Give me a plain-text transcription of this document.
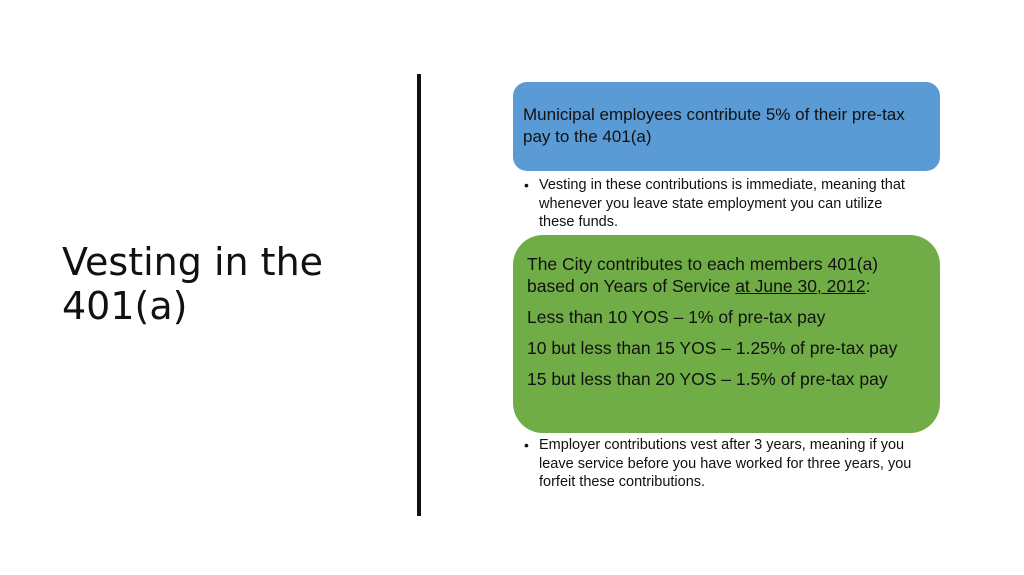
Vesting in the 401(a)
Municipal employees contribute 5% of their pre-tax pay to the 401(a)
• Vesting in these contributions is immediate, meaning that whenever you leave state employment you can utilize these funds.

The City contributes to each members 401(a) based on Years of Service at June 30, 2012:

Less than 10 YOS – 1% of pre-tax pay

10 but less than 15 YOS – 1.25% of pre-tax pay

15 but less than 20 YOS – 1.5% of pre-tax pay

• Employer contributions vest after 3 years, meaning if you leave service before you have worked for three years, you forfeit these contributions.
